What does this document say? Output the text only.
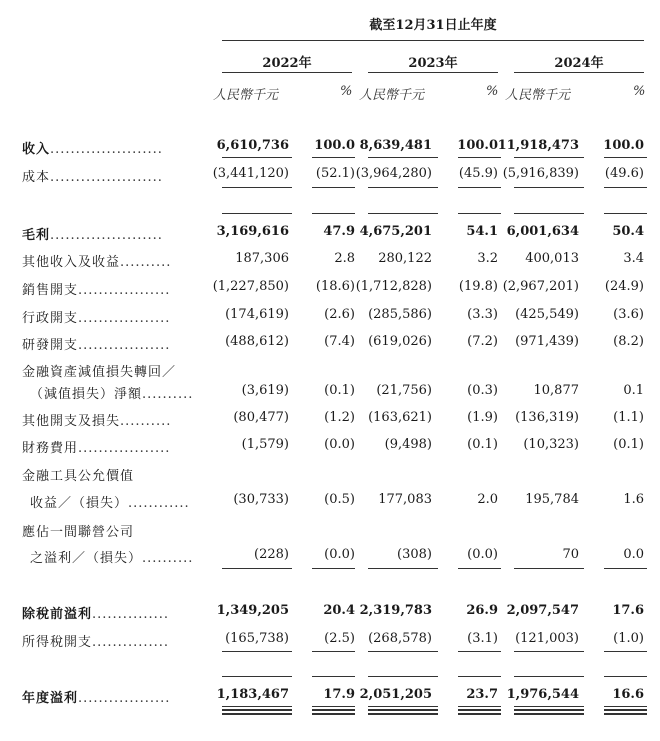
截至12月31日止年度
2022年	2023年	2024年
人民幣千元	% 人民幣千元	% 人民幣千元	%
收入......................	6,610,736 100.0 8,639,481 100.0 11,918,473 100.0
成本......................	(3,441,120) (52.1) (3,964,280) (45.9) (5,916,839) (49.6)
毛利......................	3,169,616	47.9 4,675,201	54.1 6,001,634	50.4
其他收入及收益..........	187,306	2.8 280,122	3.2 400,013	3.4
銷售開支..................	(1,227,850) (18.6) (1,712,828) (19.8) (2,967,201) (24.9)
行政開支..................	(174,619)	(2.6) (285,586)	(3.3) (425,549)	(3.6)
研發開支..................	(488,612)	(7.4) (619,026)	(7.2) (971,439)	(8.2)
金融資產減值損失轉回／
（減值損失）淨額..........	(3,619)	(0.1) (21,756)	(0.3)	10,877	0.1
其他開支及損失..........	(80,477)	(1.2) (163,621)	(1.9) (136,319)	(1.1)
財務費用..................	(1,579)	(0.0) (9,498)	(0.1) (10,323)	(0.1)
金融工具公允價值
收益／（損失）............	(30,733)	(0.5) 177,083	2.0 195,784	1.6
應佔一間聯營公司
之溢利／（損失）..........	(228)	(0.0)	(308)	(0.0)	70	0.0
除稅前溢利...............	1,349,205	20.4 2,319,783	26.9 2,097,547	17.6
所得稅開支...............	(165,738)	(2.5) (268,578)	(3.1) (121,003)	(1.0)
年度溢利..................	1,183,467	17.9 2,051,205	23.7 1,976,544	16.6
